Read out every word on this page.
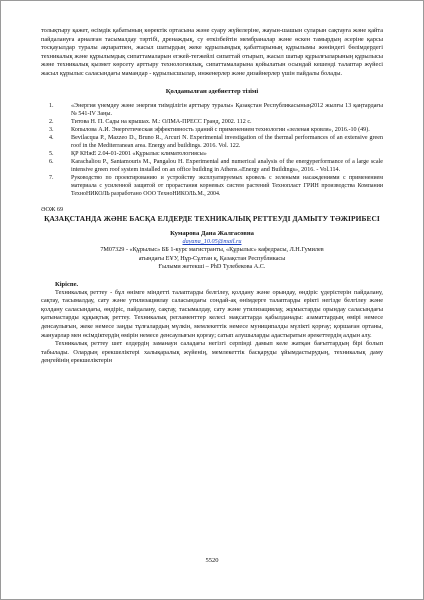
толықтыру қажет, өсімдік қабатының көректік ортасына және суару жүйелеріне, жауын-шашын суларын сақтауға және қайта пайдалануға арналған тасымалдау тәртібі, дренаждық, су өткізбейтін мембраналар және өскен тамырдың әсеріне қарсы тосқауылдар туралы ақпаратпен, жасыл шатырдың жеке құрылымдық қабаттарының құрылымы жөніндегі бөлімдердегі техникалық және құрылымдық сипаттамаларын егжей-тегжейлі сипаттай отырып, жасыл шатыр құрылғыларының құрылысы және техникалық қызмет көрсету арттыру технологиялық, сипаттамаларына қойылатын осындай кешенді талаптар жүйесі жасыл құрылыс саласындағы мамандар - құрылысшылар, инженерлер және дизайнерлер үшін пайдалы болады.

Қолданылған әдебиеттер тізімі

1.	«Энергия үнемдеу және энергия тиімділігін арттыру туралы» Қазақстан Республикасының2012 жылғы 13 қаңтардағы № 541-IV Заңы.
2.	Титова Н. П. Сады на крышах. М.: ОЛМА-ПРЕСС Гранд, 2002. 112 с.
3.	Копылова А.И. Энергетическая эффективность зданий с применением технологии «зеленая кровля», 2016.-10 (49).
4.	Bevilacqua P., Mazzeo D., Bruno R., Arcuri N. Experimental investigation of the thermal performances of an extensive green roof in the Mediterranean area. Energy and buildings. 2016. Vol. 122.
5.	ҚР КНжЕ 2.04-01-2001 «Құрылыс климатологиясы»
6.	Karachaliou P., Santamouris M., Pangalou H. Experimental and numerical analysis of the energyperformance of a large scale intensive green roof system installed on an office building in Athens.«Energy and Buildings», 2016. - Vol.114.
7.	Руководство по проектированию и устройству эксплуатируемых кровель с зелеными насаждениями с применением материала с усиленной защитой от прорастания корневых систем растений Технопласт ГРИН производства Компании ТехноНИКОЛЬ разработано ООО ТехноНИКОЛЬ.М., 2004.

ӘОЖ 69

ҚАЗАҚСТАНДА ЖӘНЕ БАСҚА ЕЛДЕРДЕ ТЕХНИКАЛЫҚ РЕТТЕУДІ ДАМЫТУ ТӘЖІРИБЕСІ

Кумарова Дана Жалгасовна

dayana_10.05@mail.ru

7М07329 - «Құрылыс» ББ 1-курс магистранты, «Құрылыс» кафедрасы, Л.Н.Гумилев

атындағы ЕҰУ, Нұр-Сұлтан қ, Қазақстан Республикасы

Ғылыми жетекші – PhD Тулебекова А.С.

Кіріспе.

Техникалық реттеу - бұл өнімге міндетті талаптарды белгілеу, қолдану және орындау, өндіріс үдерістерін пайдалану, сақтау, тасымалдау, сату және утилизациялау саласындағы сондай-ақ өнімдерге талаптарды ерікті негізде белгілеу және қолдану саласындағы, өндіріс, пайдалану, сақтау, тасымалдау, сату және утилизациялау, жұмыстарды орындау саласындағы қатынастарды құқықтық реттеу. Техникалық регламенттер келесі мақсаттарда қабылданады: азаматтардың өмірі немесе денсаулығын, жеке немесе заңды тұлғалардың мүлкін, мемлекеттік немесе муниципалды мүлікті қорғау; қоршаған ортаны, жануарлар мен өсімдіктердің өмірін немесе денсаулығын қорғау; сатып алушыларды адастыратын әрекеттердің алдын алу.

Техникалық реттеу шет елдердің заманауи саладағы негізгі серпінді дамып келе жатқан бағыттардың бірі болып табылады. Олардың ерекшеліктері халықаралық жүйенің, мемлекеттік басқаруды ұйымдастырудың, техникалық даму деңгейінің ерекшеліктерін

5520
